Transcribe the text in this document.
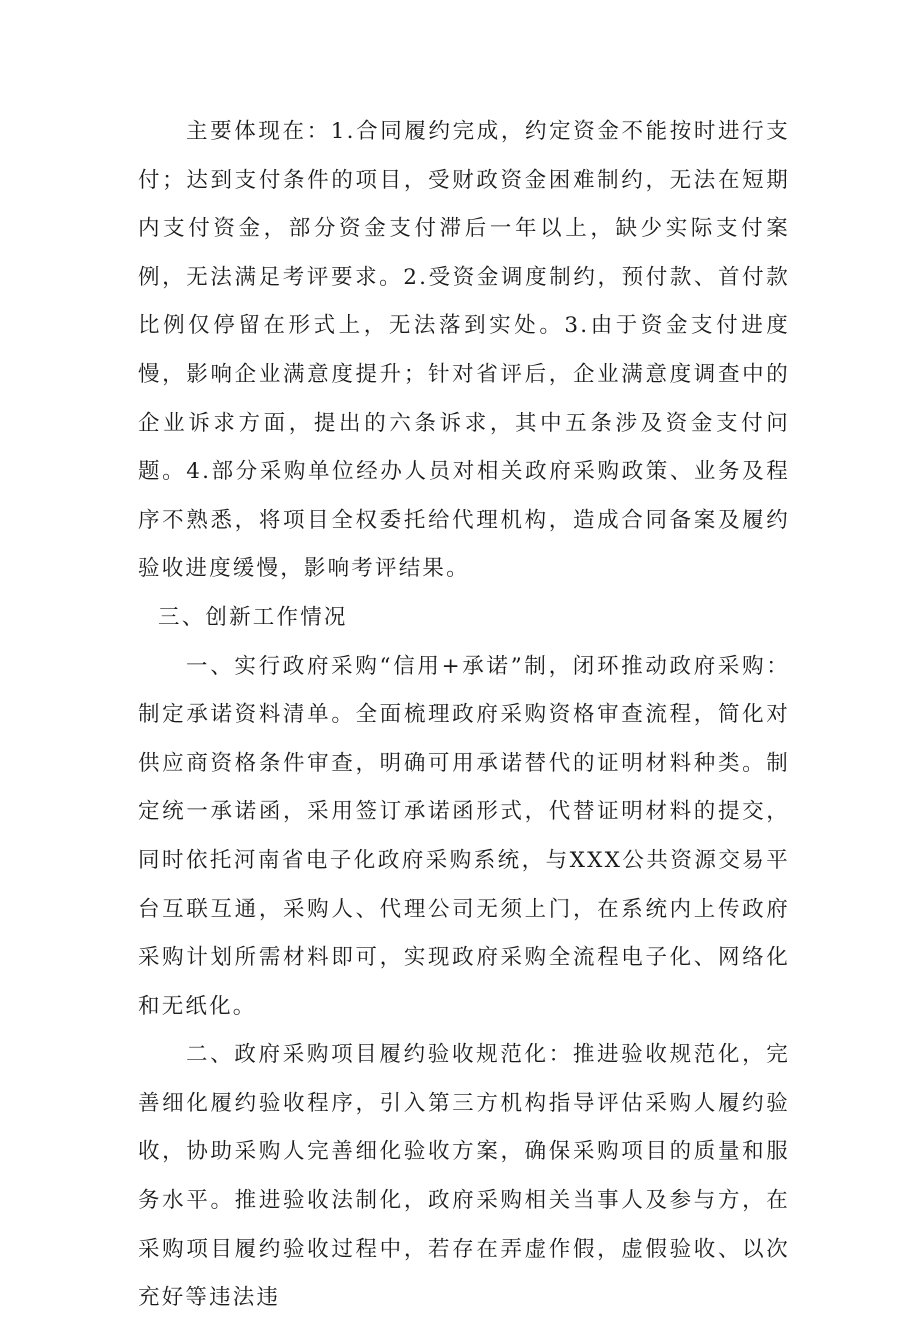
主要体现在：1.合同履约完成，约定资金不能按时进行支付；达到支付条件的项目，受财政资金困难制约，无法在短期内支付资金，部分资金支付滞后一年以上，缺少实际支付案例，无法满足考评要求。2.受资金调度制约，预付款、首付款比例仅停留在形式上，无法落到实处。3.由于资金支付进度慢，影响企业满意度提升；针对省评后，企业满意度调查中的企业诉求方面，提出的六条诉求，其中五条涉及资金支付问题。4.部分采购单位经办人员对相关政府采购政策、业务及程序不熟悉，将项目全权委托给代理机构，造成合同备案及履约验收进度缓慢，影响考评结果。

三、创新工作情况

一、实行政府采购“信用+承诺”制，闭环推动政府采购：制定承诺资料清单。全面梳理政府采购资格审查流程，简化对供应商资格条件审查，明确可用承诺替代的证明材料种类。制定统一承诺函，采用签订承诺函形式，代替证明材料的提交，同时依托河南省电子化政府采购系统，与XXX公共资源交易平台互联互通，采购人、代理公司无须上门，在系统内上传政府采购计划所需材料即可，实现政府采购全流程电子化、网络化和无纸化。

二、政府采购项目履约验收规范化：推进验收规范化，完善细化履约验收程序，引入第三方机构指导评估采购人履约验收，协助采购人完善细化验收方案，确保采购项目的质量和服务水平。推进验收法制化，政府采购相关当事人及参与方，在采购项目履约验收过程中，若存在弄虚作假，虚假验收、以次充好等违法违
